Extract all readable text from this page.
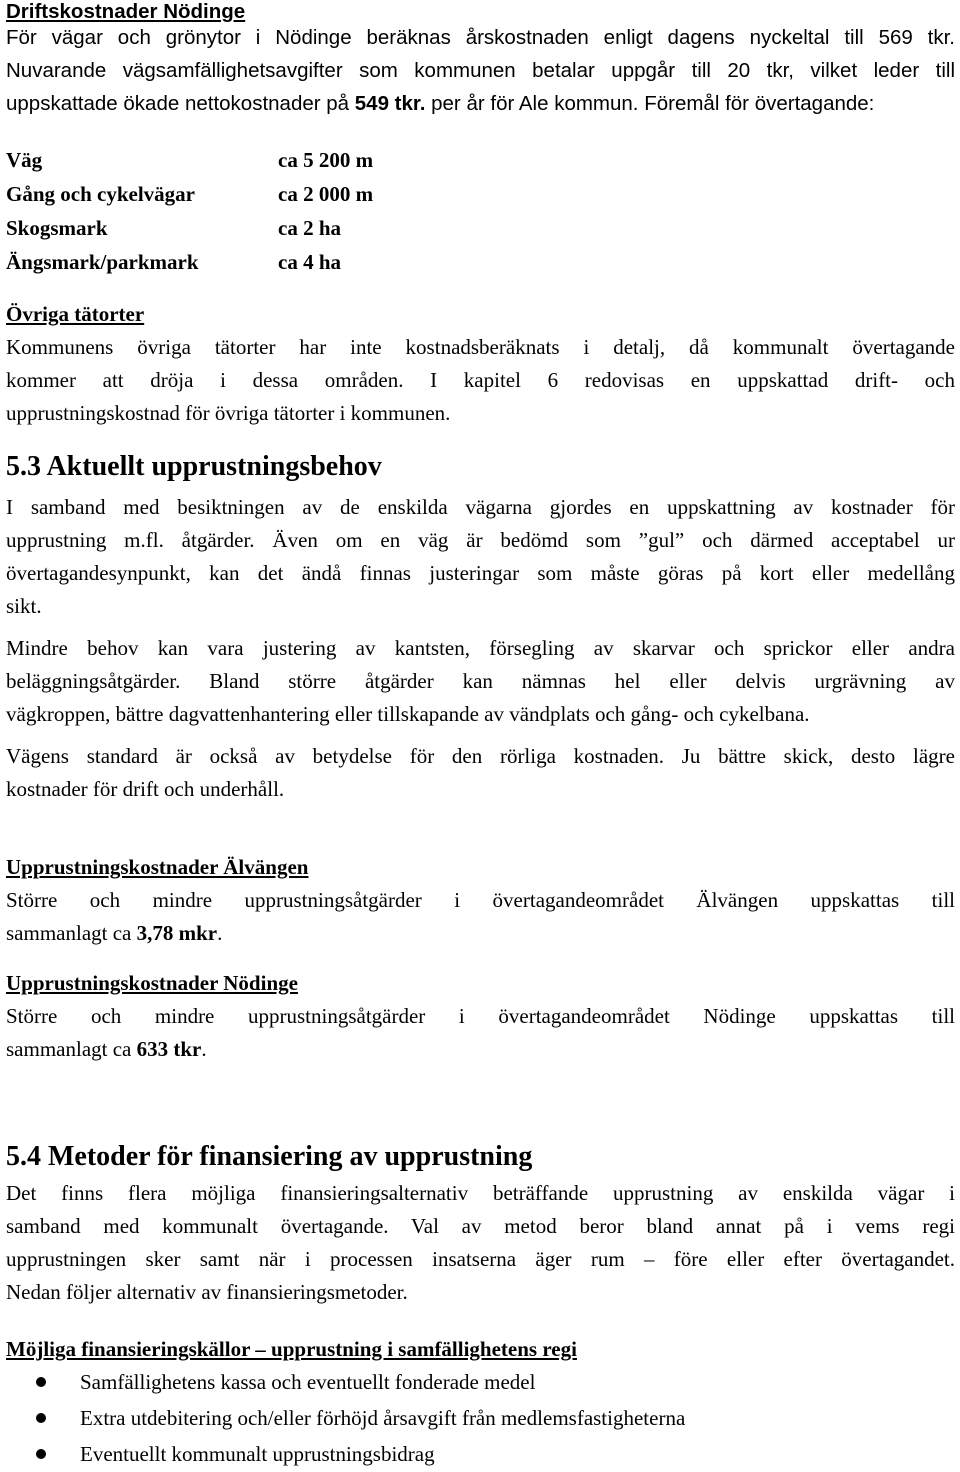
Driftskostnader Nödinge
För vägar och grönytor i Nödinge beräknas årskostnaden enligt dagens nyckeltal till 569 tkr.
Nuvarande vägsamfällighetsavgifter som kommunen betalar uppgår till 20 tkr, vilket leder till
uppskattade ökade nettokostnader på 549 tkr. per år för Ale kommun. Föremål för övertagande:
Väg	ca 5 200 m
Gång och cykelvägar	ca 2 000 m
Skogsmark	ca 2 ha
Ängsmark/parkmark	ca 4 ha
Övriga tätorter
Kommunens övriga tätorter har inte kostnadsberäknats i detalj, då kommunalt övertagande
kommer att dröja i dessa områden. I kapitel 6 redovisas en uppskattad drift- och
upprustningskostnad för övriga tätorter i kommunen.
5.3 Aktuellt upprustningsbehov
I samband med besiktningen av de enskilda vägarna gjordes en uppskattning av kostnader för
upprustning m.fl. åtgärder. Även om en väg är bedömd som ”gul” och därmed acceptabel ur
övertagandesynpunkt, kan det ändå finnas justeringar som måste göras på kort eller medellång
sikt.
Mindre behov kan vara justering av kantsten, försegling av skarvar och sprickor eller andra
beläggningsåtgärder. Bland större åtgärder kan nämnas hel eller delvis urgrävning av
vägkroppen, bättre dagvattenhantering eller tillskapande av vändplats och gång- och cykelbana.
Vägens standard är också av betydelse för den rörliga kostnaden. Ju bättre skick, desto lägre
kostnader för drift och underhåll.
Upprustningskostnader Älvängen
Större och mindre upprustningsåtgärder i övertagandeområdet Älvängen uppskattas till
sammanlagt ca 3,78 mkr.
Upprustningskostnader Nödinge
Större och mindre upprustningsåtgärder i övertagandeområdet Nödinge uppskattas till
sammanlagt ca 633 tkr.
5.4 Metoder för finansiering av upprustning
Det finns flera möjliga finansieringsalternativ beträffande upprustning av enskilda vägar i
samband med kommunalt övertagande. Val av metod beror bland annat på i vems regi
upprustningen sker samt när i processen insatserna äger rum – före eller efter övertagandet.
Nedan följer alternativ av finansieringsmetoder.
Möjliga finansieringskällor – upprustning i samfällighetens regi
Samfällighetens kassa och eventuellt fonderade medel
Extra utdebitering och/eller förhöjd årsavgift från medlemsfastigheterna
Eventuellt kommunalt upprustningsbidrag
